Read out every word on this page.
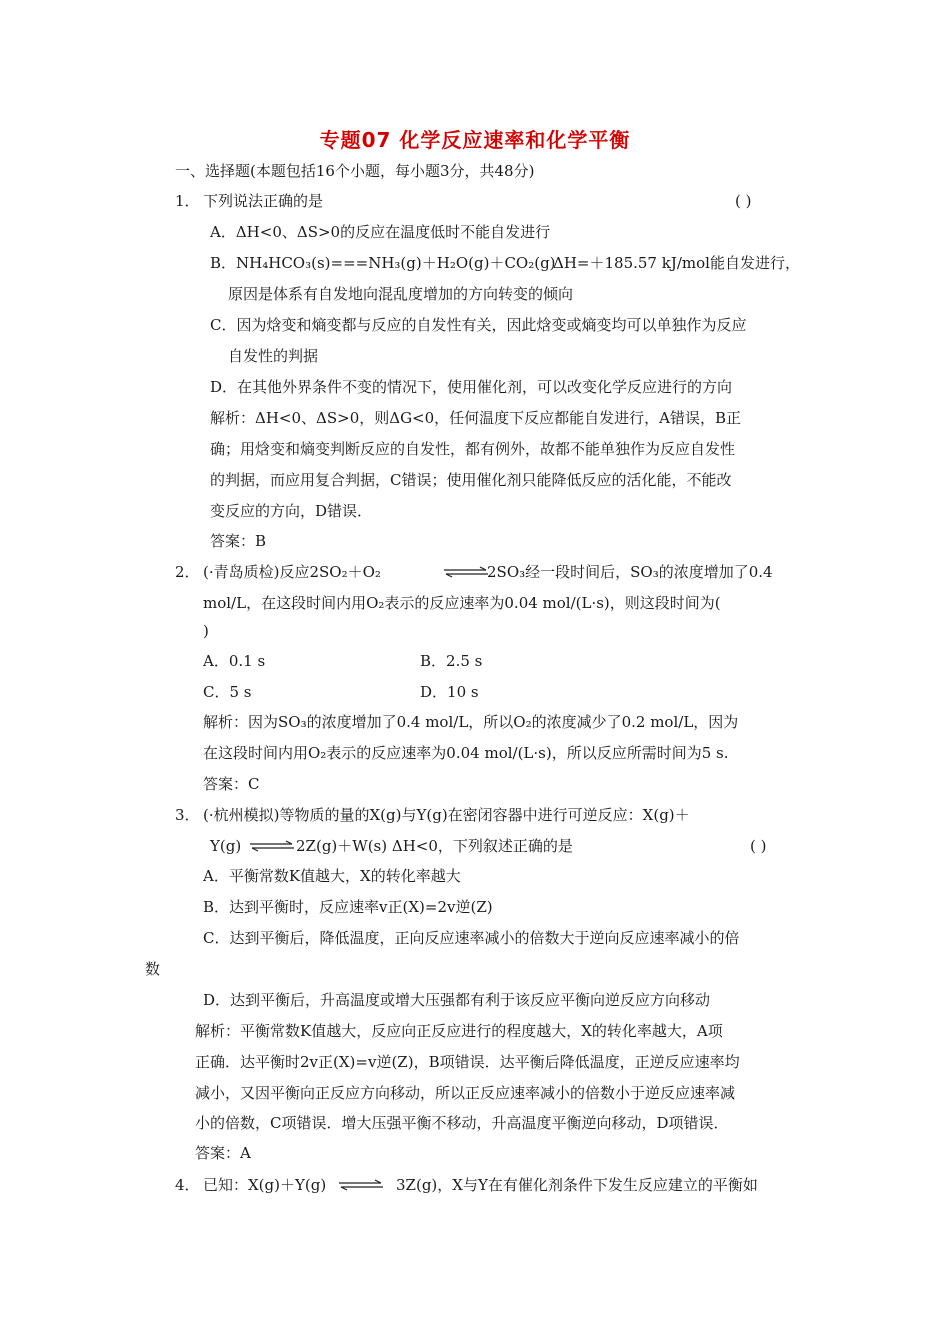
专题07 化学反应速率和化学平衡
一、选择题(本题包括16个小题，每小题3分，共48分)
1． 下列说法正确的是	( )
A．ΔH<0、ΔS>0的反应在温度低时不能自发进行
B．NH₄HCO₃(s)===NH₃(g)＋H₂O(g)＋CO₂(g)
ΔH=＋185.57 kJ/mol能自发进行，
原因是体系有自发地向混乱度增加的方向转变的倾向
C．因为焓变和熵变都与反应的自发性有关，因此焓变或熵变均可以单独作为反应
自发性的判据
D．在其他外界条件不变的情况下，使用催化剂，可以改变化学反应进行的方向
解析：ΔH<0、ΔS>0，则ΔG<0，任何温度下反应都能自发进行，A错误，B正
确；用焓变和熵变判断反应的自发性，都有例外，故都不能单独作为反应自发性
的判据，而应用复合判据，C错误；使用催化剂只能降低反应的活化能，不能改
变反应的方向，D错误．
答案：B
2． (·青岛质检)反应2SO₂＋O₂	2SO₃经一段时间后，SO₃的浓度增加了0.4
mol/L，在这段时间内用O₂表示的反应速率为0.04 mol/(L·s)，则这段时间为(
)
A．0.1 s	B．2.5 s
C．5 s	D．10 s
解析：因为SO₃的浓度增加了0.4 mol/L，所以O₂的浓度减少了0.2 mol/L，因为
在这段时间内用O₂表示的反应速率为0.04 mol/(L·s)，所以反应所需时间为5 s.
答案：C
3． (·杭州模拟)等物质的量的X(g)与Y(g)在密闭容器中进行可逆反应：X(g)＋
Y(g) ⇌ 2Z(g)＋W(s) ΔH<0，下列叙述正确的是	( )
A．平衡常数K值越大，X的转化率越大
B．达到平衡时，反应速率v正(X)=2v逆(Z)
C．达到平衡后，降低温度，正向反应速率减小的倍数大于逆向反应速率减小的倍
数
D．达到平衡后，升高温度或增大压强都有利于该反应平衡向逆反应方向移动
解析：平衡常数K值越大，反应向正反应进行的程度越大，X的转化率越大，A项
正确．达平衡时2v正(X)=v逆(Z)，B项错误．达平衡后降低温度，正逆反应速率均
减小，又因平衡向正反应方向移动，所以正反应速率减小的倍数小于逆反应速率减
小的倍数，C项错误．增大压强平衡不移动，升高温度平衡逆向移动，D项错误．
答案：A
4． 已知：X(g)＋Y(g) ⇌ 3Z(g)，X与Y在有催化剂条件下发生反应建立的平衡如
